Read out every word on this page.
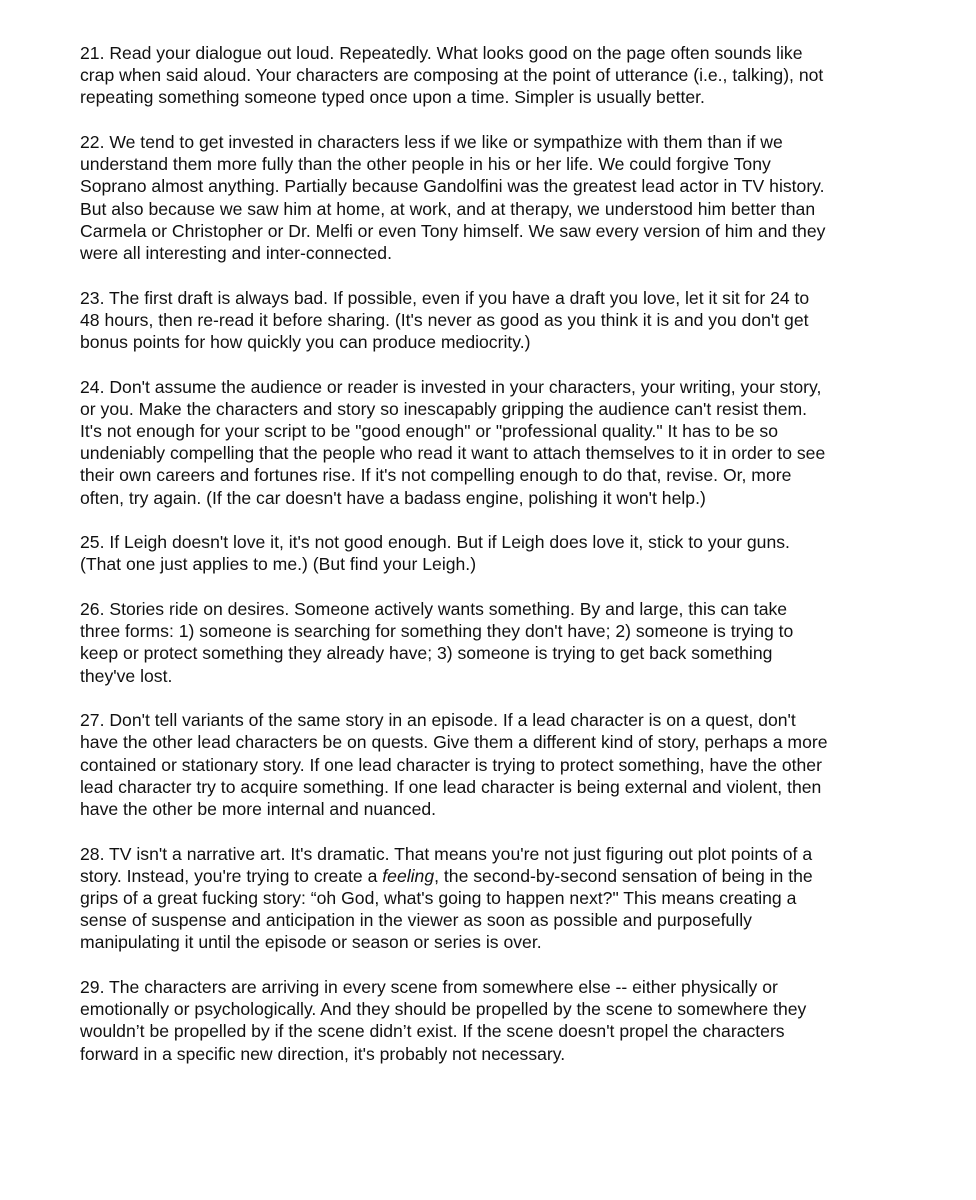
21. Read your dialogue out loud. Repeatedly. What looks good on the page often sounds like
crap when said aloud. Your characters are composing at the point of utterance (i.e., talking), not
repeating something someone typed once upon a time. Simpler is usually better.

22. We tend to get invested in characters less if we like or sympathize with them than if we
understand them more fully than the other people in his or her life. We could forgive Tony
Soprano almost anything. Partially because Gandolfini was the greatest lead actor in TV history.
But also because we saw him at home, at work, and at therapy, we understood him better than
Carmela or Christopher or Dr. Melfi or even Tony himself. We saw every version of him and they
were all interesting and inter-connected.

23. The first draft is always bad. If possible, even if you have a draft you love, let it sit for 24 to
48 hours, then re-read it before sharing. (It's never as good as you think it is and you don't get
bonus points for how quickly you can produce mediocrity.)

24. Don't assume the audience or reader is invested in your characters, your writing, your story,
or you. Make the characters and story so inescapably gripping the audience can't resist them.
It's not enough for your script to be "good enough" or "professional quality." It has to be so
undeniably compelling that the people who read it want to attach themselves to it in order to see
their own careers and fortunes rise. If it's not compelling enough to do that, revise. Or, more
often, try again. (If the car doesn't have a badass engine, polishing it won't help.)

25. If Leigh doesn't love it, it's not good enough. But if Leigh does love it, stick to your guns.
(That one just applies to me.) (But find your Leigh.)

26. Stories ride on desires. Someone actively wants something. By and large, this can take
three forms: 1) someone is searching for something they don't have; 2) someone is trying to
keep or protect something they already have; 3) someone is trying to get back something
they've lost.

27. Don't tell variants of the same story in an episode. If a lead character is on a quest, don't
have the other lead characters be on quests. Give them a different kind of story, perhaps a more
contained or stationary story. If one lead character is trying to protect something, have the other
lead character try to acquire something. If one lead character is being external and violent, then
have the other be more internal and nuanced.

28. TV isn't a narrative art. It's dramatic. That means you're not just figuring out plot points of a
story. Instead, you're trying to create a feeling, the second-by-second sensation of being in the
grips of a great fucking story: “oh God, what's going to happen next?" This means creating a
sense of suspense and anticipation in the viewer as soon as possible and purposefully
manipulating it until the episode or season or series is over.

29. The characters are arriving in every scene from somewhere else -- either physically or
emotionally or psychologically. And they should be propelled by the scene to somewhere they
wouldn’t be propelled by if the scene didn’t exist. If the scene doesn't propel the characters
forward in a specific new direction, it's probably not necessary.
